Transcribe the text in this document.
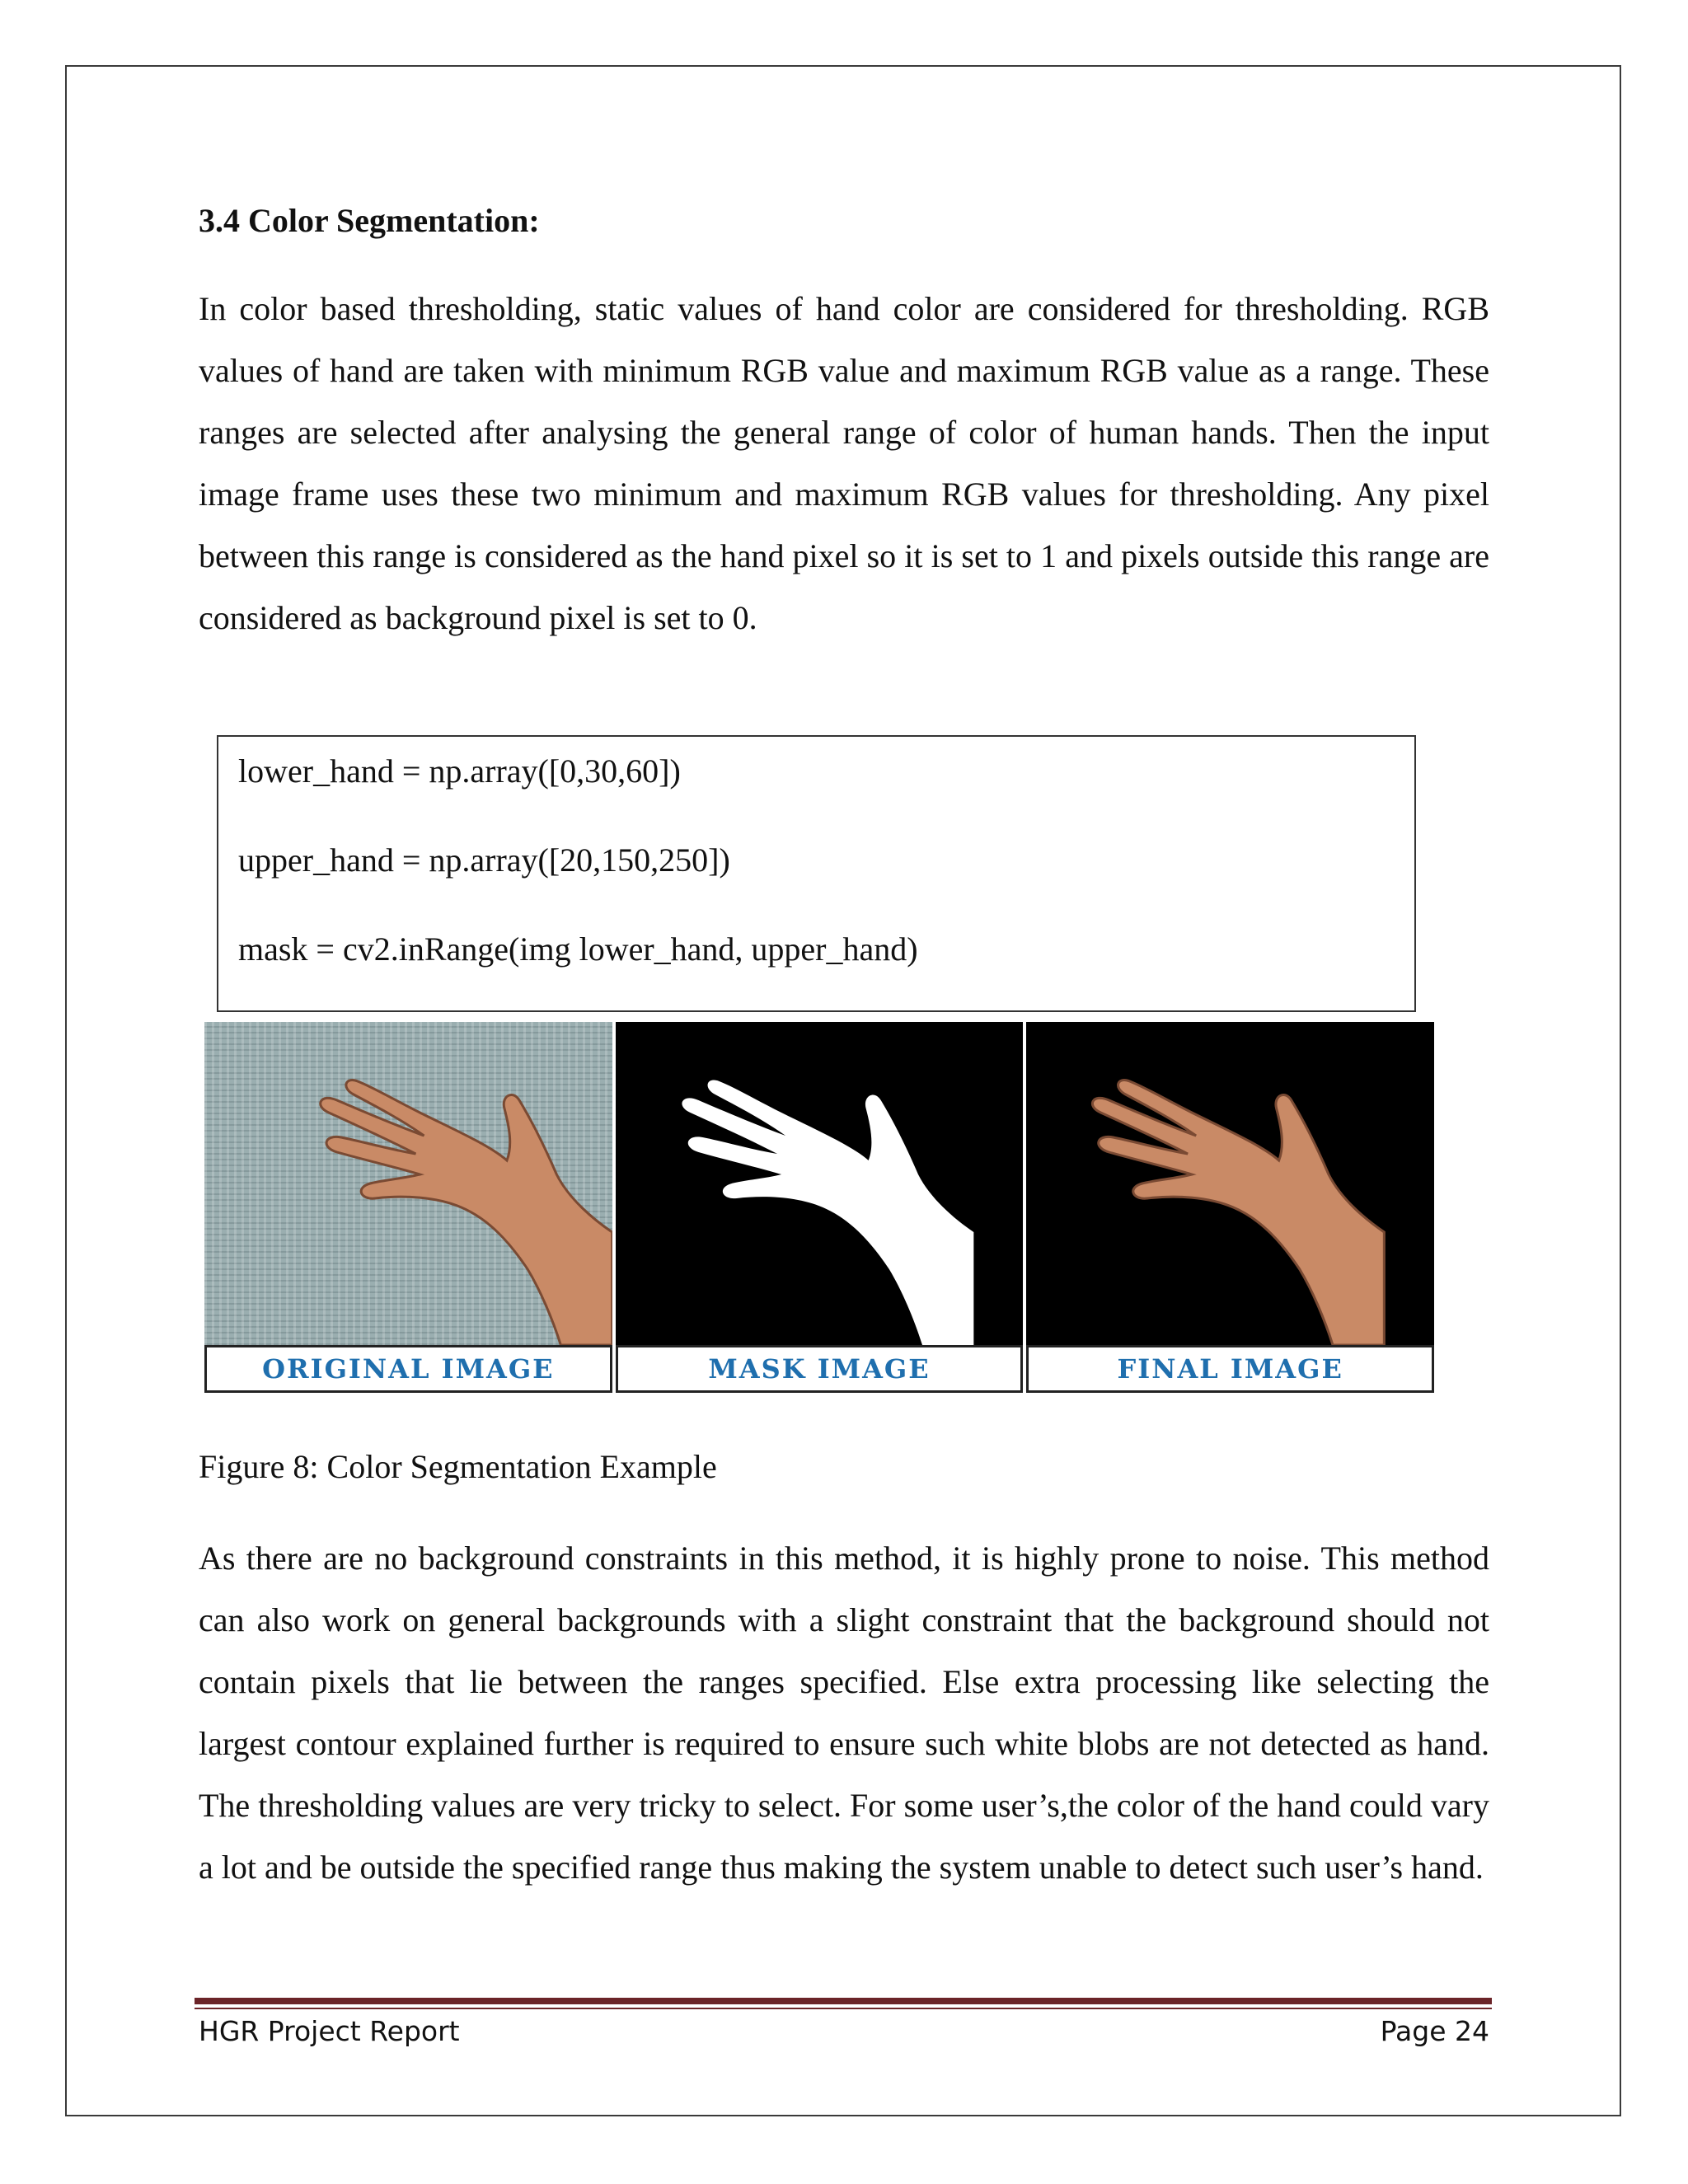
3.4 Color Segmentation:

In color based thresholding, static values of hand color are considered for thresholding. RGB values of hand are taken with minimum RGB value and maximum RGB value as a range. These ranges are selected after analysing the general range of color of human hands. Then the input image frame uses these two minimum and maximum RGB values for thresholding. Any pixel between this range is considered as the hand pixel so it is set to 1 and pixels outside this range are considered as background pixel is set to 0.

lower_hand = np.array([0,30,60])

upper_hand = np.array([20,150,250])

mask = cv2.inRange(img lower_hand, upper_hand)

ORIGINAL IMAGE	MASK IMAGE	FINAL IMAGE

Figure 8: Color Segmentation Example

As there are no background constraints in this method, it is highly prone to noise. This method can also work on general backgrounds with a slight constraint that the background should not contain pixels that lie between the ranges specified. Else extra processing like selecting the largest contour explained further is required to ensure such white blobs are not detected as hand. The thresholding values are very tricky to select. For some user’s,the color of the hand could vary a lot and be outside the specified range thus making the system unable to detect such user’s hand.

HGR Project Report	Page 24
